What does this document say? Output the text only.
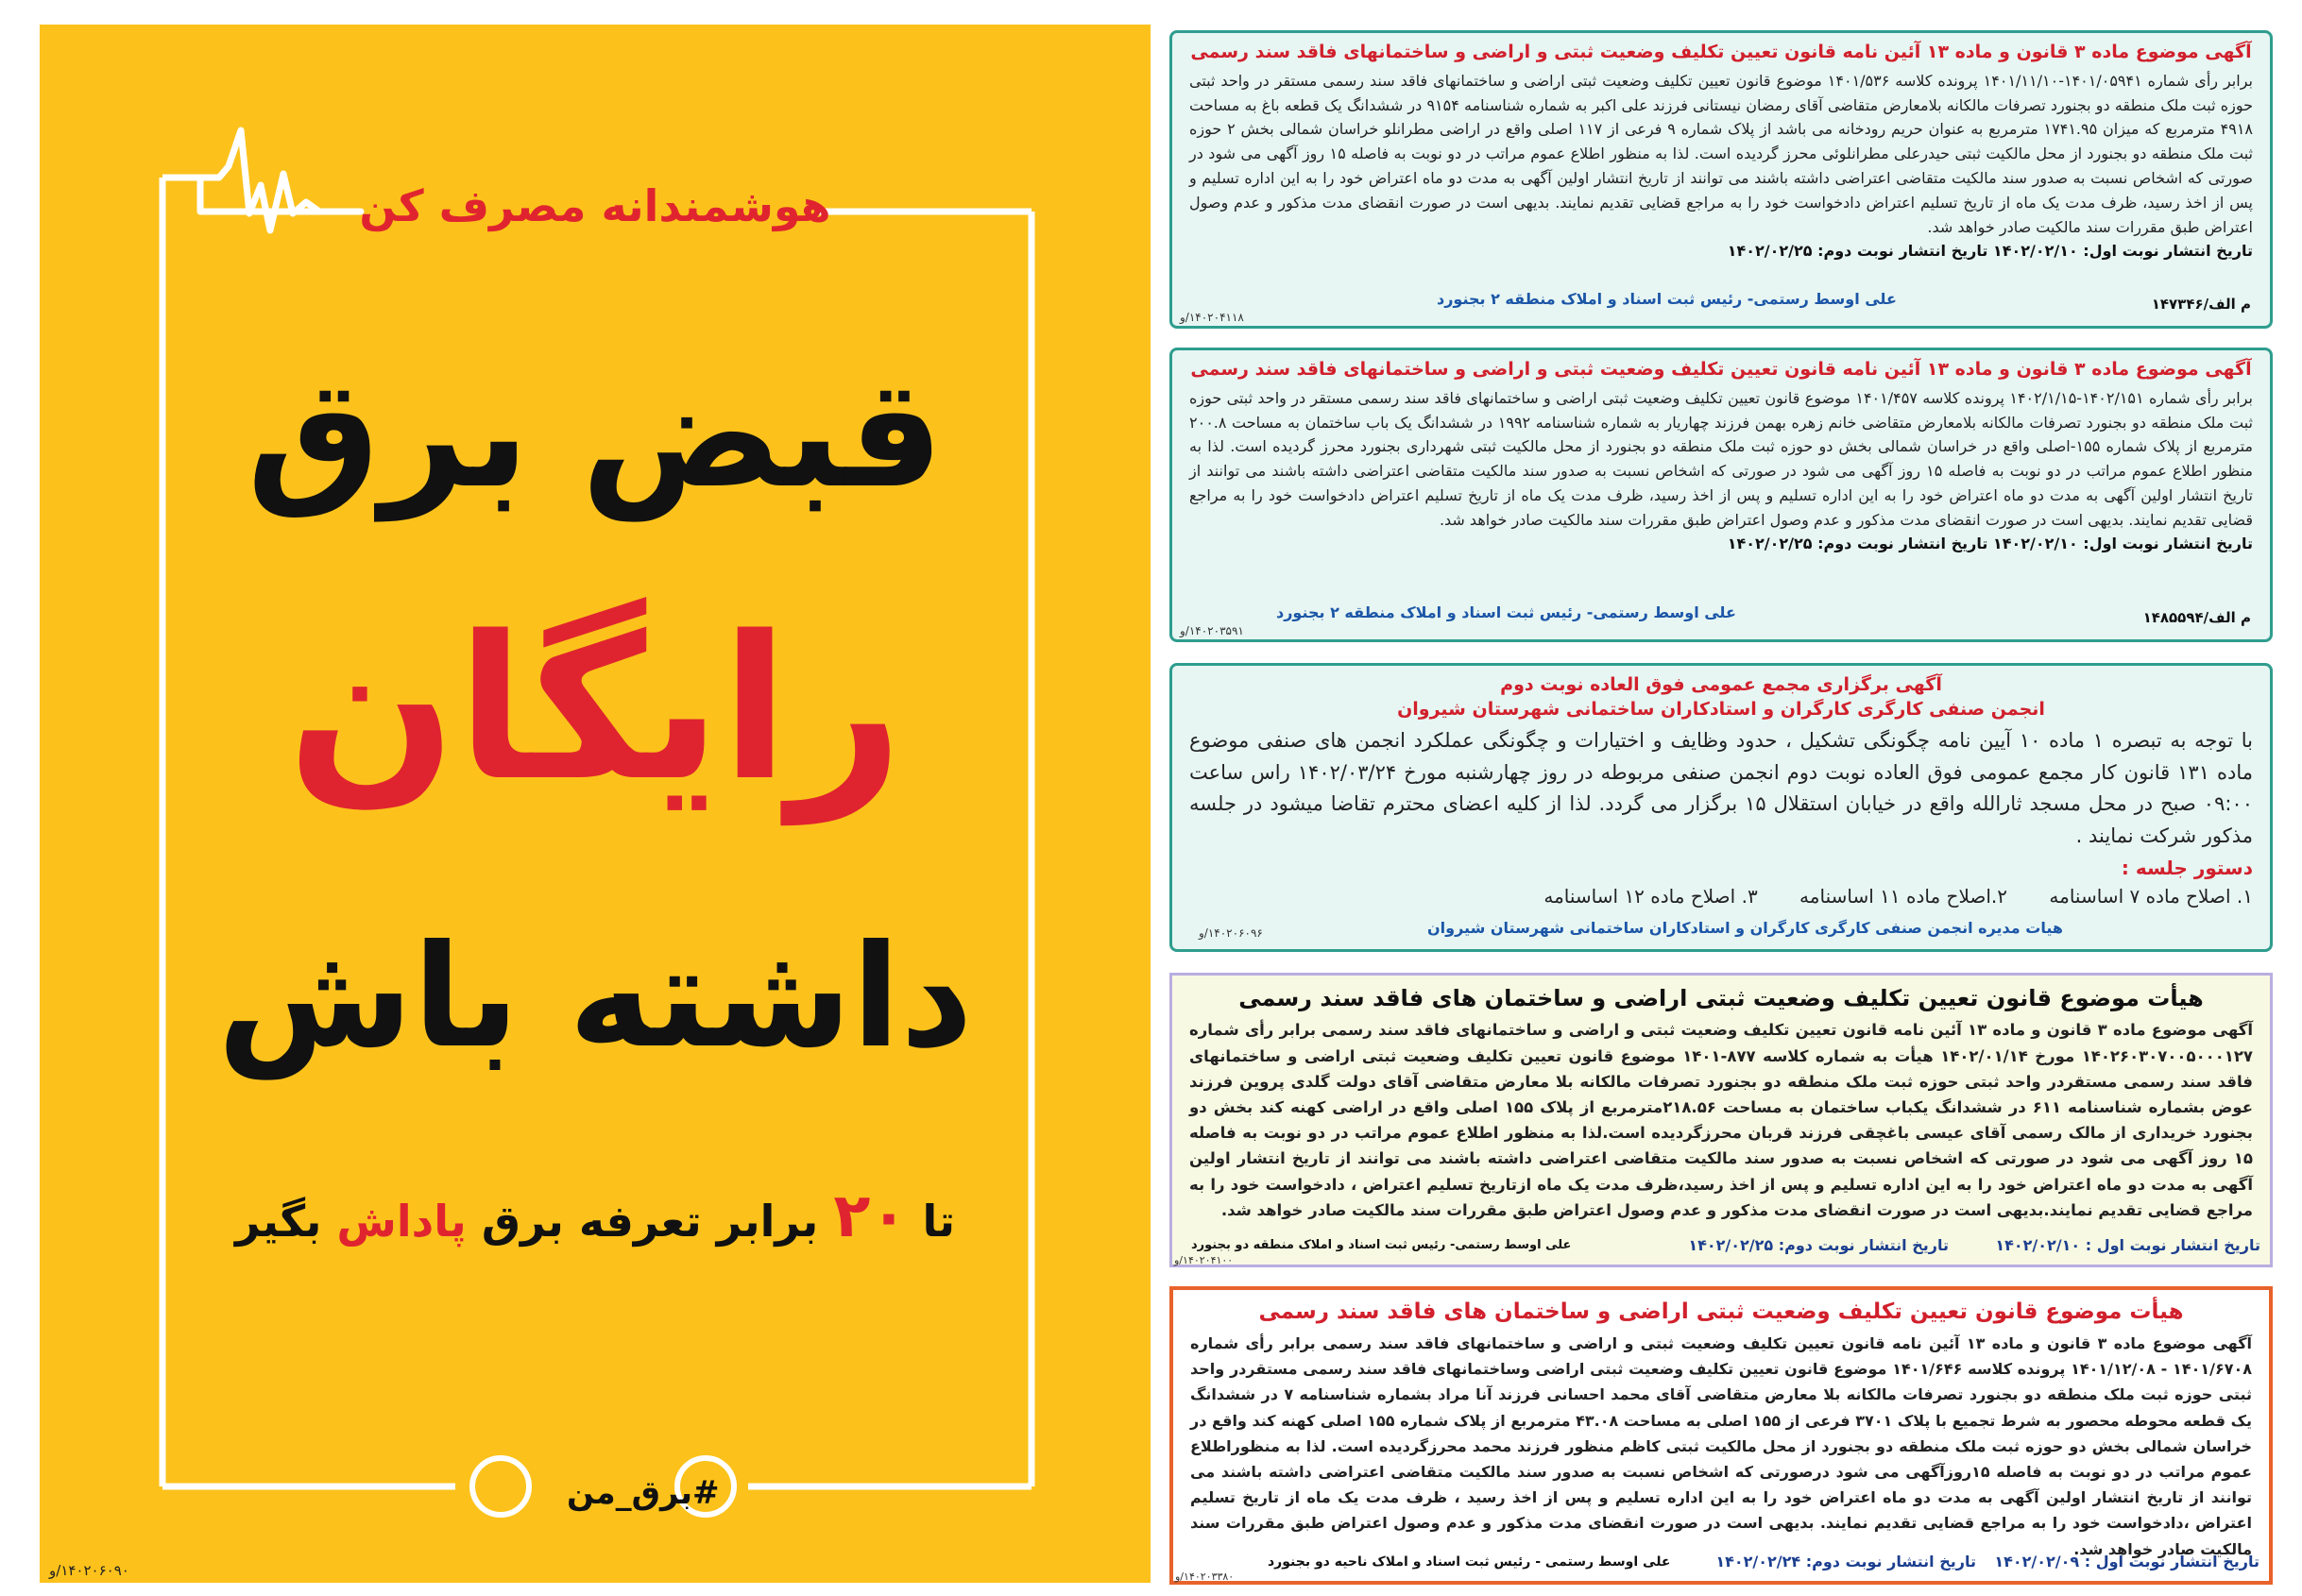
هوشمندانه مصرف کن
قبض برق
رایگان
داشته باش
تا ۲۰ برابر تعرفه برق پاداش بگیر
#برق_من
۱۴۰۲۰۶۰۹۰/و
آگهی موضوع ماده ۳ قانون و ماده ۱۳ آئین نامه قانون تعیین تکلیف وضعیت ثبتی و اراضی و ساختمانهای فاقد سند رسمی
برابر رأی شماره ۱۴۰۱/۰۵۹۴۱-۱۴۰۱/۱۱/۱۰ پرونده کلاسه ۱۴۰۱/۵۳۶ موضوع قانون تعیین تکلیف وضعیت ثبتی اراضی و ساختمانهای فاقد سند رسمی مستقر در واحد ثبتی حوزه ثبت ملک منطقه دو بجنورد تصرفات مالکانه بلامعارض متقاضی آقای رمضان نیستانی فرزند علی اکبر به شماره شناسنامه ۹۱۵۴ در ششدانگ یک قطعه باغ به مساحت ۴۹۱۸ مترمربع که میزان ۱۷۴۱.۹۵ مترمربع به عنوان حریم رودخانه می باشد از پلاک شماره ۹ فرعی از ۱۱۷ اصلی واقع در اراضی مطرانلو خراسان شمالی بخش ۲ حوزه ثبت ملک منطقه دو بجنورد از محل مالکیت ثبتی حیدرعلی مطرانلوئی محرز گردیده است. لذا به منظور اطلاع عموم مراتب در دو نوبت به فاصله ۱۵ روز آگهی می شود در صورتی که اشخاص نسبت به صدور سند مالکیت متقاضی اعتراضی داشته باشند می توانند از تاریخ انتشار اولین آگهی به مدت دو ماه اعتراض خود را به این اداره تسلیم و پس از اخذ رسید، ظرف مدت یک ماه از تاریخ تسلیم اعتراض دادخواست خود را به مراجع قضایی تقدیم نمایند. بدیهی است در صورت انقضای مدت مذکور و عدم وصول اعتراض طبق مقررات سند مالکیت صادر خواهد شد.
تاریخ انتشار نوبت اول: ۱۴۰۲/۰۲/۱۰ تاریخ انتشار نوبت دوم: ۱۴۰۲/۰۲/۲۵
علی اوسط رستمی- رئیس ثبت اسناد و املاک منطقه ۲ بجنورد	م الف/۱۴۷۳۴۶
۱۴۰۲۰۴۱۱۸/و
آگهی موضوع ماده ۳ قانون و ماده ۱۳ آئین نامه قانون تعیین تکلیف وضعیت ثبتی و اراضی و ساختمانهای فاقد سند رسمی
برابر رأی شماره ۱۴۰۲/۱۵۱-۱۴۰۲/۱/۱۵ پرونده کلاسه ۱۴۰۱/۴۵۷ موضوع قانون تعیین تکلیف وضعیت ثبتی اراضی و ساختمانهای فاقد سند رسمی مستقر در واحد ثبتی حوزه ثبت ملک منطقه دو بجنورد تصرفات مالکانه بلامعارض متقاضی خانم زهره بهمن فرزند چهاریار به شماره شناسنامه ۱۹۹۲ در ششدانگ یک باب ساختمان به مساحت ۲۰۰.۸ مترمربع از پلاک شماره ۱۵۵-اصلی واقع در خراسان شمالی بخش دو حوزه ثبت ملک منطقه دو بجنورد از محل مالکیت ثبتی شهرداری بجنورد محرز گردیده است. لذا به منظور اطلاع عموم مراتب در دو نوبت به فاصله ۱۵ روز آگهی می شود در صورتی که اشخاص نسبت به صدور سند مالکیت متقاضی اعتراضی داشته باشند می توانند از تاریخ انتشار اولین آگهی به مدت دو ماه اعتراض خود را به این اداره تسلیم و پس از اخذ رسید، ظرف مدت یک ماه از تاریخ تسلیم اعتراض دادخواست خود را به مراجع قضایی تقدیم نمایند. بدیهی است در صورت انقضای مدت مذکور و عدم وصول اعتراض طبق مقررات سند مالکیت صادر خواهد شد.
تاریخ انتشار نوبت اول: ۱۴۰۲/۰۲/۱۰ تاریخ انتشار نوبت دوم: ۱۴۰۲/۰۲/۲۵
علی اوسط رستمی- رئیس ثبت اسناد و املاک منطقه ۲ بجنورد	م الف/۱۴۸۵۵۹۴
۱۴۰۲۰۳۵۹۱/و
آگهی برگزاری مجمع عمومی فوق العاده نوبت دوم
انجمن صنفی کارگری کارگران و استادکاران ساختمانی شهرستان شیروان
با توجه به تبصره ۱ ماده ۱۰ آیین نامه چگونگی تشکیل ، حدود وظایف و اختیارات و چگونگی عملکرد انجمن های صنفی موضوع ماده ۱۳۱ قانون کار مجمع عمومی فوق العاده نوبت دوم انجمن صنفی مربوطه در روز چهارشنبه مورخ ۱۴۰۲/۰۳/۲۴ راس ساعت ۰۹:۰۰ صبح در محل مسجد ثارالله واقع در خیابان استقلال ۱۵ برگزار می گردد. لذا از کلیه اعضای محترم تقاضا میشود در جلسه مذکور شرکت نمایند .
دستور جلسه :
۱. اصلاح ماده ۷ اساسنامه ۲.اصلاح ماده ۱۱ اساسنامه ۳. اصلاح ماده ۱۲ اساسنامه
هیات مدیره انجمن صنفی کارگری کارگران و استادکاران ساختمانی شهرستان شیروان
۱۴۰۲۰۶۰۹۶/و
هیأت موضوع قانون تعیین تکلیف وضعیت ثبتی اراضی و ساختمان های فاقد سند رسمی
آگهی موضوع ماده ۳ قانون و ماده ۱۳ آئین نامه قانون تعیین تکلیف وضعیت ثبتی و اراضی و ساختمانهای فاقد سند رسمی برابر رأی شماره ۱۴۰۲۶۰۳۰۷۰۰۵۰۰۰۱۲۷ مورخ ۱۴۰۲/۰۱/۱۴ هیأت به شماره کلاسه ۸۷۷-۱۴۰۱ موضوع قانون تعیین تکلیف وضعیت ثبتی اراضی و ساختمانهای فاقد سند رسمی مستقردر واحد ثبتی حوزه ثبت ملک منطقه دو بجنورد تصرفات مالکانه بلا معارض متقاضی آقای دولت گلدی پروین فرزند عوض بشماره شناسنامه ۶۱۱ در ششدانگ یکباب ساختمان به مساحت ۲۱۸.۵۶مترمربع از پلاک ۱۵۵ اصلی واقع در اراضی کهنه کند بخش دو بجنورد خریداری از مالک رسمی آقای عیسی باغچقی فرزند قربان محرزگردیده است.لذا به منظور اطلاع عموم مراتب در دو نوبت به فاصله ۱۵ روز آگهی می شود در صورتی که اشخاص نسبت به صدور سند مالکیت متقاضی اعتراضی داشته باشند می توانند از تاریخ انتشار اولین آگهی به مدت دو ماه اعتراض خود را به این اداره تسلیم و پس از اخذ رسید،ظرف مدت یک ماه ازتاریخ تسلیم اعتراض ، دادخواست خود را به مراجع قضایی تقدیم نمایند.بدیهی است در صورت انقضای مدت مذکور و عدم وصول اعتراض طبق مقررات سند مالکیت صادر خواهد شد.
تاریخ انتشار نوبت اول : ۱۴۰۲/۰۲/۱۰
تاریخ انتشار نوبت دوم: ۱۴۰۲/۰۲/۲۵
علی اوسط رستمی- رئیس ثبت اسناد و املاک منطقه دو بجنورد
۱۴۰۲۰۴۱۰۰/و
هیأت موضوع قانون تعیین تکلیف وضعیت ثبتی اراضی و ساختمان های فاقد سند رسمی
آگهی موضوع ماده ۳ قانون و ماده ۱۳ آئین نامه قانون تعیین تکلیف وضعیت ثبتی و اراضی و ساختمانهای فاقد سند رسمی برابر رأی شماره ۱۴۰۱/۶۷۰۸ - ۱۴۰۱/۱۲/۰۸ پرونده کلاسه ۱۴۰۱/۶۴۶ موضوع قانون تعیین تکلیف وضعیت ثبتی اراضی وساختمانهای فاقد سند رسمی مستقردر واحد ثبتی حوزه ثبت ملک منطقه دو بجنورد تصرفات مالکانه بلا معارض متقاضی آقای محمد احسانی فرزند آنا مراد بشماره شناسنامه ۷ در ششدانگ یک قطعه محوطه محصور به شرط تجمیع با پلاک ۳۷۰۱ فرعی از ۱۵۵ اصلی به مساحت ۴۳.۰۸ مترمربع از پلاک شماره ۱۵۵ اصلی کهنه کند واقع در خراسان شمالی بخش دو حوزه ثبت ملک منطقه دو بجنورد از محل مالکیت ثبتی کاظم منظور فرزند محمد محرزگردیده است. لذا به منظوراطلاع عموم مراتب در دو نوبت به فاصله ۱۵روزآگهی می شود درصورتی که اشخاص نسبت به صدور سند مالکیت متقاضی اعتراضی داشته باشند می توانند از تاریخ انتشار اولین آگهی به مدت دو ماه اعتراض خود را به این اداره تسلیم و پس از اخذ رسید ، ظرف مدت یک ماه از تاریخ تسلیم اعتراض ،دادخواست خود را به مراجع قضایی تقدیم نمایند. بدیهی است در صورت انقضای مدت مذکور و عدم وصول اعتراض طبق مقررات سند مالکیت صادر خواهد شد.
تاریخ انتشار نوبت اول : ۱۴۰۲/۰۲/۰۹
تاریخ انتشار نوبت دوم: ۱۴۰۲/۰۲/۲۴
علی اوسط رستمی - رئیس ثبت اسناد و املاک ناحیه دو بجنورد
۱۴۰۲۰۳۳۸۰/و
